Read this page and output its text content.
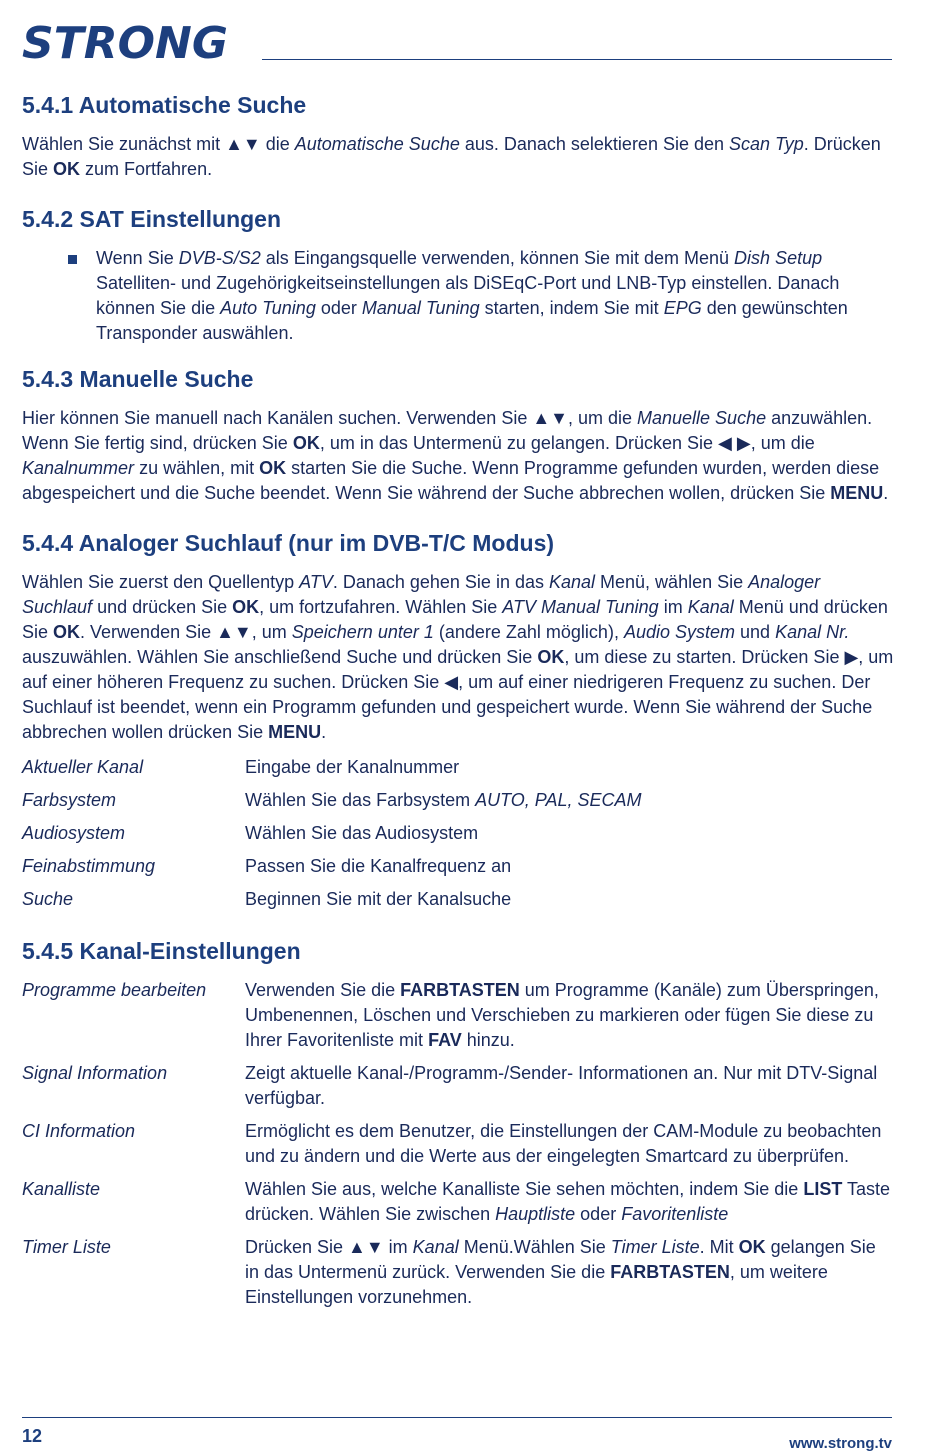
STRONG
5.4.1 Automatische Suche

Wählen Sie zunächst mit ▲▼ die Automatische Suche aus. Danach selektieren Sie den Scan Typ. Drücken Sie OK zum Fortfahren.

5.4.2 SAT Einstellungen
Wenn Sie DVB-S/S2 als Eingangsquelle verwenden, können Sie mit dem Menü Dish Setup Satelliten- und Zugehörigkeitseinstellungen als DiSEqC-Port und LNB-Typ einstellen. Danach können Sie die Auto Tuning oder Manual Tuning starten, indem Sie mit EPG den gewünschten Transponder auswählen.
5.4.3 Manuelle Suche

Hier können Sie manuell nach Kanälen suchen. Verwenden Sie ▲▼, um die Manuelle Suche anzuwählen. Wenn Sie fertig sind, drücken Sie OK, um in das Untermenü zu gelangen. Drücken Sie ◀ ▶, um die Kanalnummer zu wählen, mit OK starten Sie die Suche. Wenn Programme gefunden wurden, werden diese abgespeichert und die Suche beendet. Wenn Sie während der Suche abbrechen wollen, drücken Sie MENU.

5.4.4 Analoger Suchlauf (nur im DVB-T/C Modus)

Wählen Sie zuerst den Quellentyp ATV. Danach gehen Sie in das Kanal Menü, wählen Sie Analoger Suchlauf und drücken Sie OK, um fortzufahren. Wählen Sie ATV Manual Tuning im Kanal Menü und drücken Sie OK. Verwenden Sie ▲▼, um Speichern unter 1 (andere Zahl möglich), Audio System und Kanal Nr. auszuwählen. Wählen Sie anschließend Suche und drücken Sie OK, um diese zu starten. Drücken Sie ▶, um auf einer höheren Frequenz zu suchen. Drücken Sie ◀, um auf einer niedrigeren Frequenz zu suchen. Der Suchlauf ist beendet, wenn ein Programm gefunden und gespeichert wurde. Wenn Sie während der Suche abbrechen wollen drücken Sie MENU.

Aktueller Kanal	Eingabe der Kanalnummer
Farbsystem	Wählen Sie das Farbsystem AUTO, PAL, SECAM
Audiosystem	Wählen Sie das Audiosystem
Feinabstimmung	Passen Sie die Kanalfrequenz an
Suche	Beginnen Sie mit der Kanalsuche
5.4.5 Kanal-Einstellungen
Programme bearbeiten	Verwenden Sie die FARBTASTEN um Programme (Kanäle) zum Überspringen, Umbenennen, Löschen und Verschieben zu markieren oder fügen Sie diese zu Ihrer Favoritenliste mit FAV hinzu.
Signal Information	Zeigt aktuelle Kanal-/Programm-/Sender- Informationen an. Nur mit DTV-Signal verfügbar.
CI Information	Ermöglicht es dem Benutzer, die Einstellungen der CAM-Module zu beobachten und zu ändern und die Werte aus der eingelegten Smartcard zu überprüfen.
Kanalliste	Wählen Sie aus, welche Kanalliste Sie sehen möchten, indem Sie die LIST Taste drücken. Wählen Sie zwischen Hauptliste oder Favoritenliste
Timer Liste	Drücken Sie ▲▼ im Kanal Menü.Wählen Sie Timer Liste. Mit OK gelangen Sie in das Untermenü zurück. Verwenden Sie die FARBTASTEN, um weitere Einstellungen vorzunehmen.
12	www.strong.tv
